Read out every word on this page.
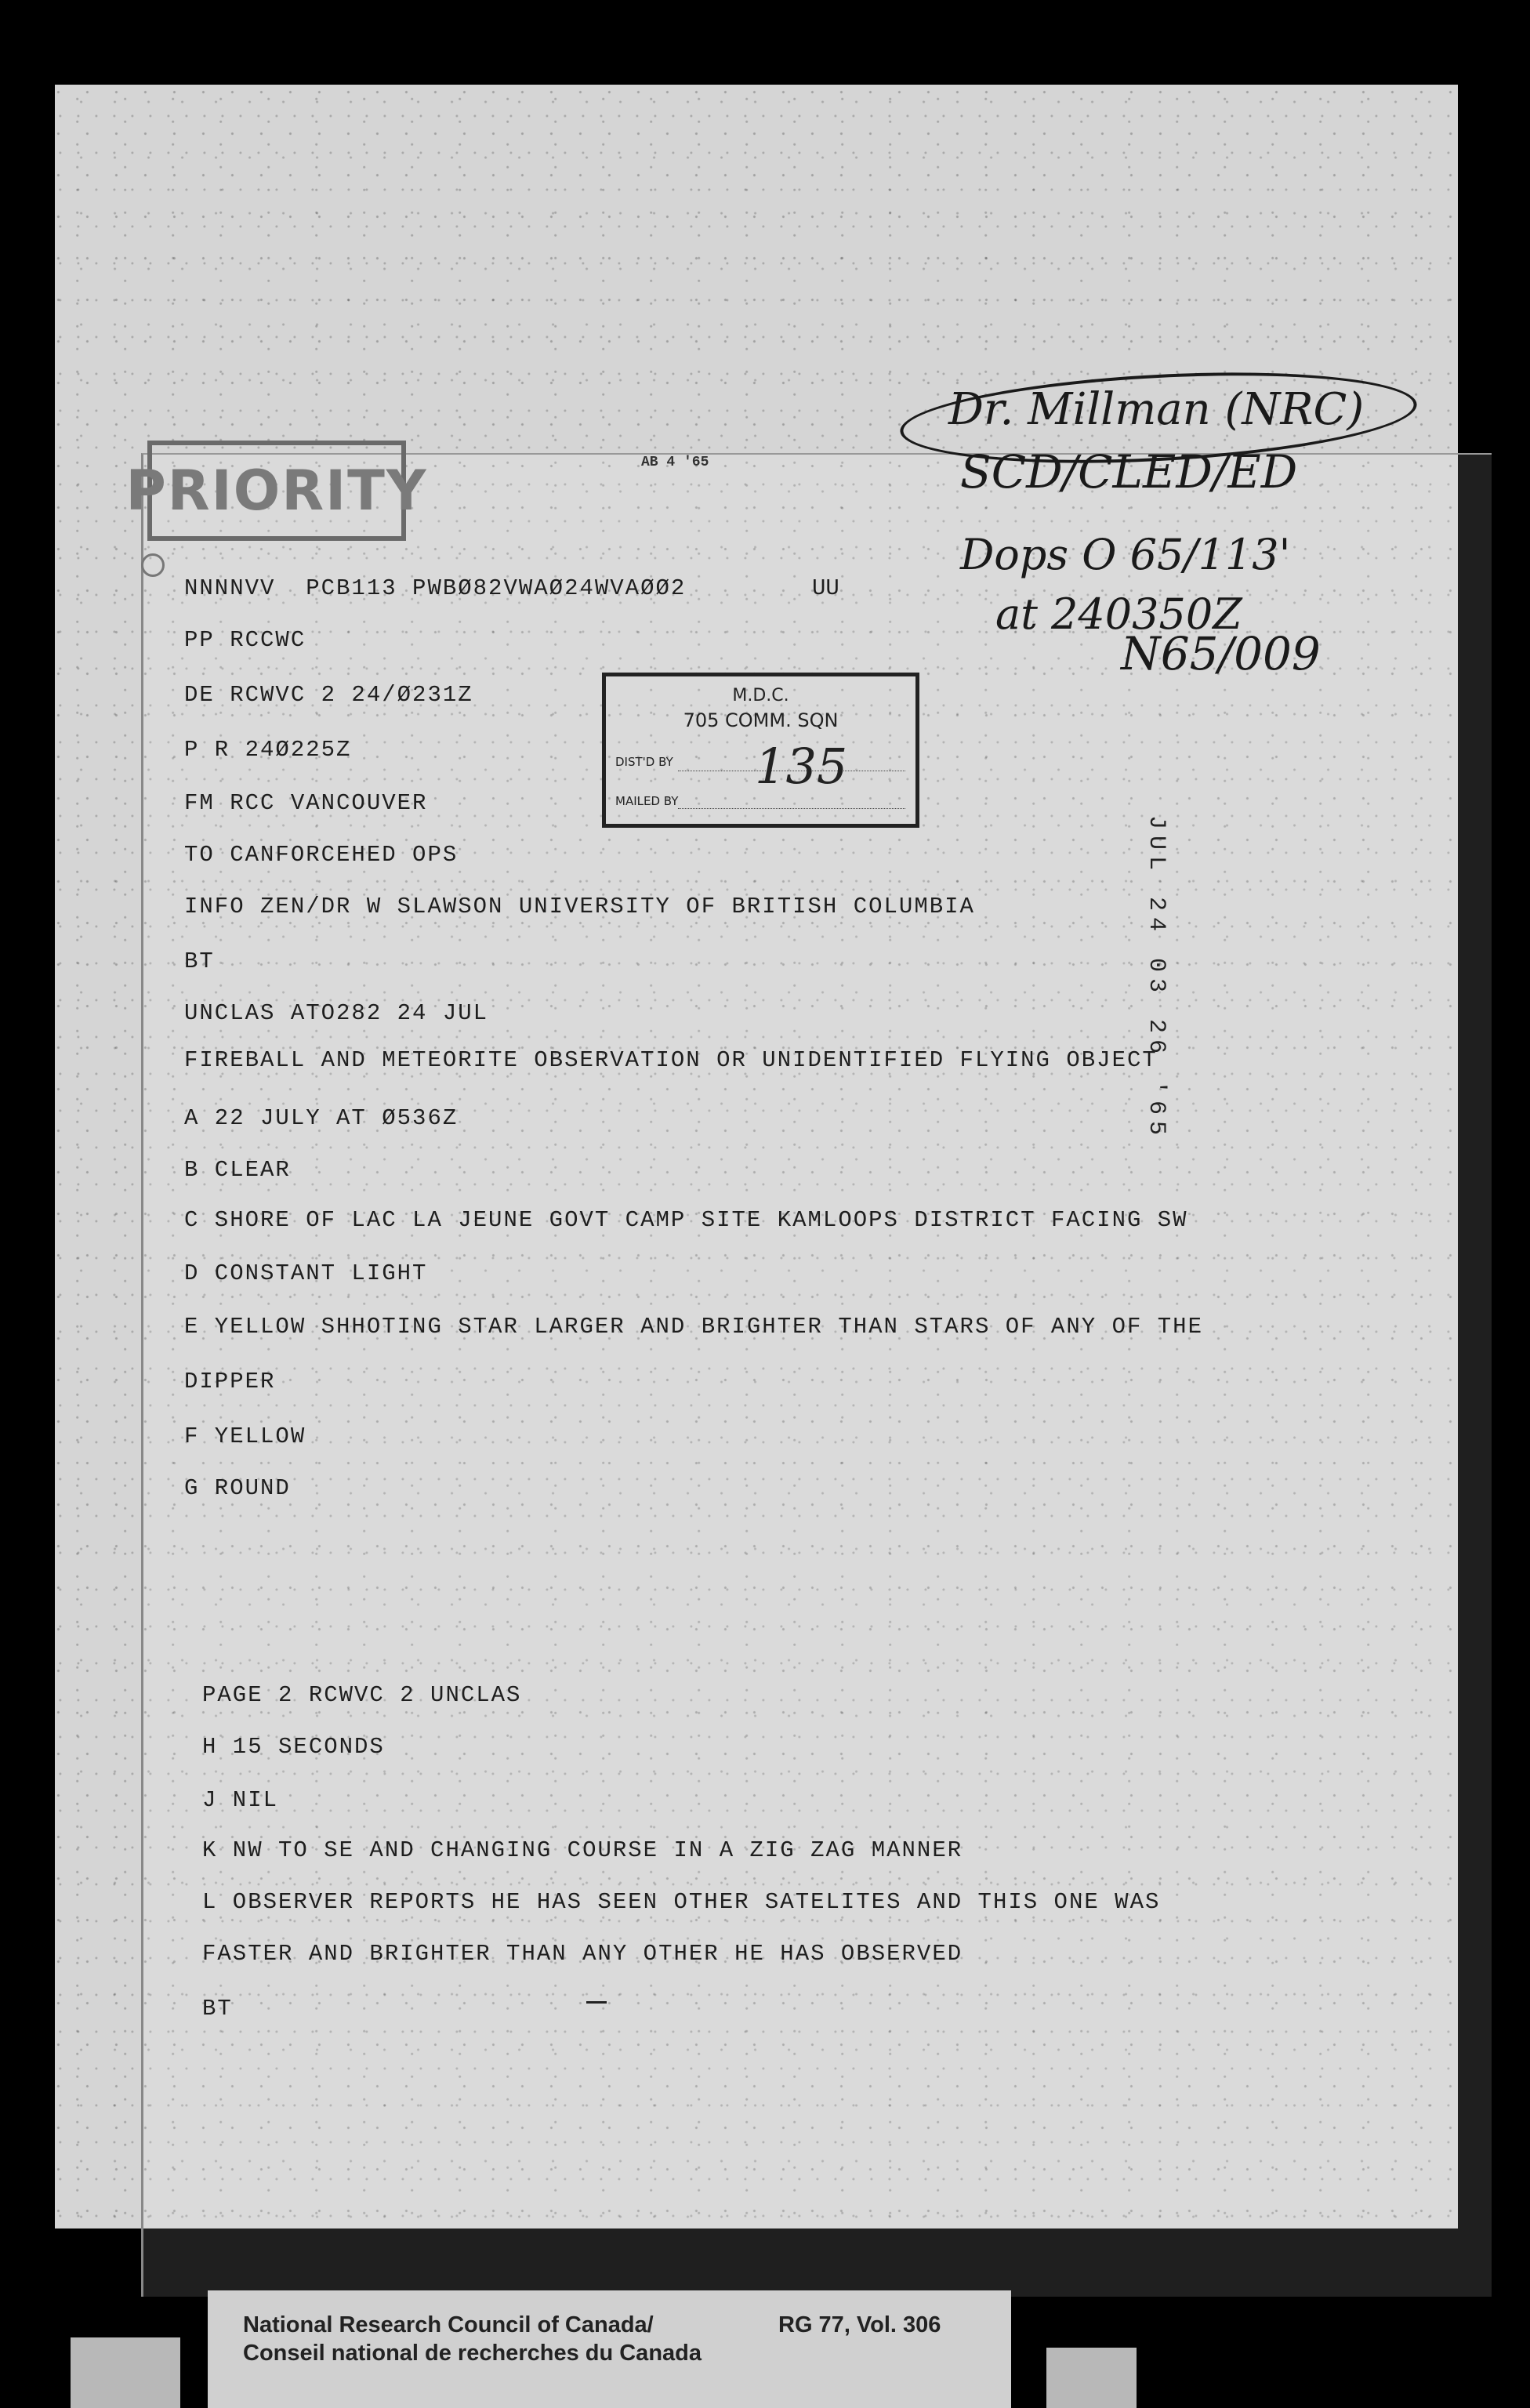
PRIORITY	AB 4 '65
NNNNVV  PCB113 PWBØ82VWAØ24WVAØØ2	UU
PP RCCWC
DE RCWVC 2 24/Ø231Z
P R 24Ø225Z
FM RCC VANCOUVER
TO CANFORCEHED OPS
INFO ZEN/DR W SLAWSON UNIVERSITY OF BRITISH COLUMBIA
BT
UNCLAS ATO282 24 JUL
FIREBALL AND METEORITE OBSERVATION OR UNIDENTIFIED FLYING OBJECT
A 22 JULY AT Ø536Z
B CLEAR
C SHORE OF LAC LA JEUNE GOVT CAMP SITE KAMLOOPS DISTRICT FACING SW
D CONSTANT LIGHT
E YELLOW SHHOTING STAR LARGER AND BRIGHTER THAN STARS OF ANY OF THE
DIPPER
F YELLOW
G ROUND
PAGE 2 RCWVC 2 UNCLAS
H 15 SECONDS
J NIL
K NW TO SE AND CHANGING COURSE IN A ZIG ZAG MANNER
L OBSERVER REPORTS HE HAS SEEN OTHER SATELITES AND THIS ONE WAS
FASTER AND BRIGHTER THAN ANY OTHER HE HAS OBSERVED
BT
M.D.C.
705 COMM. SQN
DIST'D BY 135
MAILED BY
Dr. Millman (NRC)
SCD/CLED/ED
Dops O 65/113'
at 240350Z
N65/009
JUL 24 03 26 '65
National Research Council of Canada/
Conseil national de recherches du Canada
RG 77, Vol. 306
